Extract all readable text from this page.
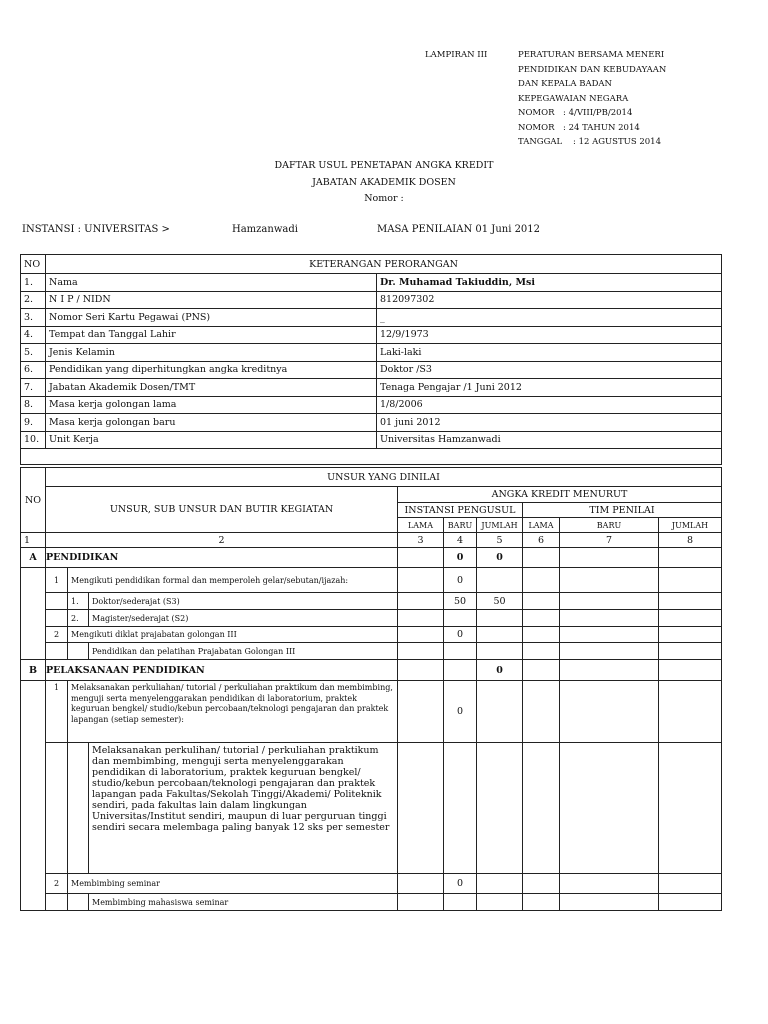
LAMPIRAN III	PERATURAN BERSAMA MENERI
PENDIDIKAN DAN KEBUDAYAAN
DAN KEPALA BADAN
KEPEGAWAIAN NEGARA
NOMOR : 4/VIII/PB/2014
NOMOR : 24 TAHUN 2014
TANGGAL : 12 AGUSTUS 2014
DAFTAR USUL PENETAPAN ANGKA KREDIT
JABATAN AKADEMIK DOSEN
Nomor :
INSTANSI : UNIVERSITAS >	Hamzanwadi	MASA PENILAIAN 01 Juni 2012
NO	KETERANGAN PERORANGAN	
1.	Nama	Dr. Muhamad Takiuddin, Msi
2.	N I P / NIDN	812097302
3.	Nomor Seri Kartu Pegawai (PNS)	_
4.	Tempat dan Tanggal Lahir	12/9/1973
5.	Jenis Kelamin	Laki-laki
6.	Pendidikan yang diperhitungkan angka kreditnya	Doktor /S3
7.	Jabatan Akademik Dosen/TMT	Tenaga Pengajar /1 Juni 2012
8.	Masa kerja golongan lama	1/8/2006
9.	Masa kerja golongan baru	01 juni 2012
10.	Unit Kerja	Universitas Hamzanwadi

NO	UNSUR YANG DINILAI								
	UNSUR, SUB UNSUR DAN BUTIR KEGIATAN			ANGKA KREDIT MENURUT					
				INSTANSI PENGUSUL			TIM PENILAI		
				LAMA	BARU	JUMLAH	LAMA	BARU	JUMLAH
1	2			3	4	5	6	7	8
A	PENDIDIKAN				0	0			
	1	Mengikuti pendidikan formal dan memperoleh gelar/sebutan/ijazah:			0				
		1.	Doktor/sederajat (S3)		50	50			
		2.	Magister/sederajat (S2)						
	2	Mengikuti diklat prajabatan golongan III			0				
			Pendidikan dan pelatihan Prajabatan Golongan III						
B	PELAKSANAAN PENDIDIKAN					0			
	1	Melaksanakan perkuliahan/ tutorial / perkuliahan praktikum dan membimbing, menguji serta menyelenggarakan pendidikan di laboratorium, praktek keguruan bengkel/ studio/kebun percobaan/teknologi pengajaran dan praktek lapangan (setiap semester):			0				
			Melaksanakan perkulihan/ tutorial / perkuliahan praktikum dan membimbing, menguji serta menyelenggarakan pendidikan di laboratorium, praktek keguruan bengkel/ studio/kebun percobaan/teknologi pengajaran dan praktek lapangan pada Fakultas/Sekolah Tinggi/Akademi/ Politeknik sendiri, pada fakultas lain dalam lingkungan Universitas/Institut sendiri, maupun di luar perguruan tinggi sendiri secara melembaga paling banyak 12 sks per semester						
	2	Membimbing seminar			0				
			Membimbing mahasiswa seminar						
